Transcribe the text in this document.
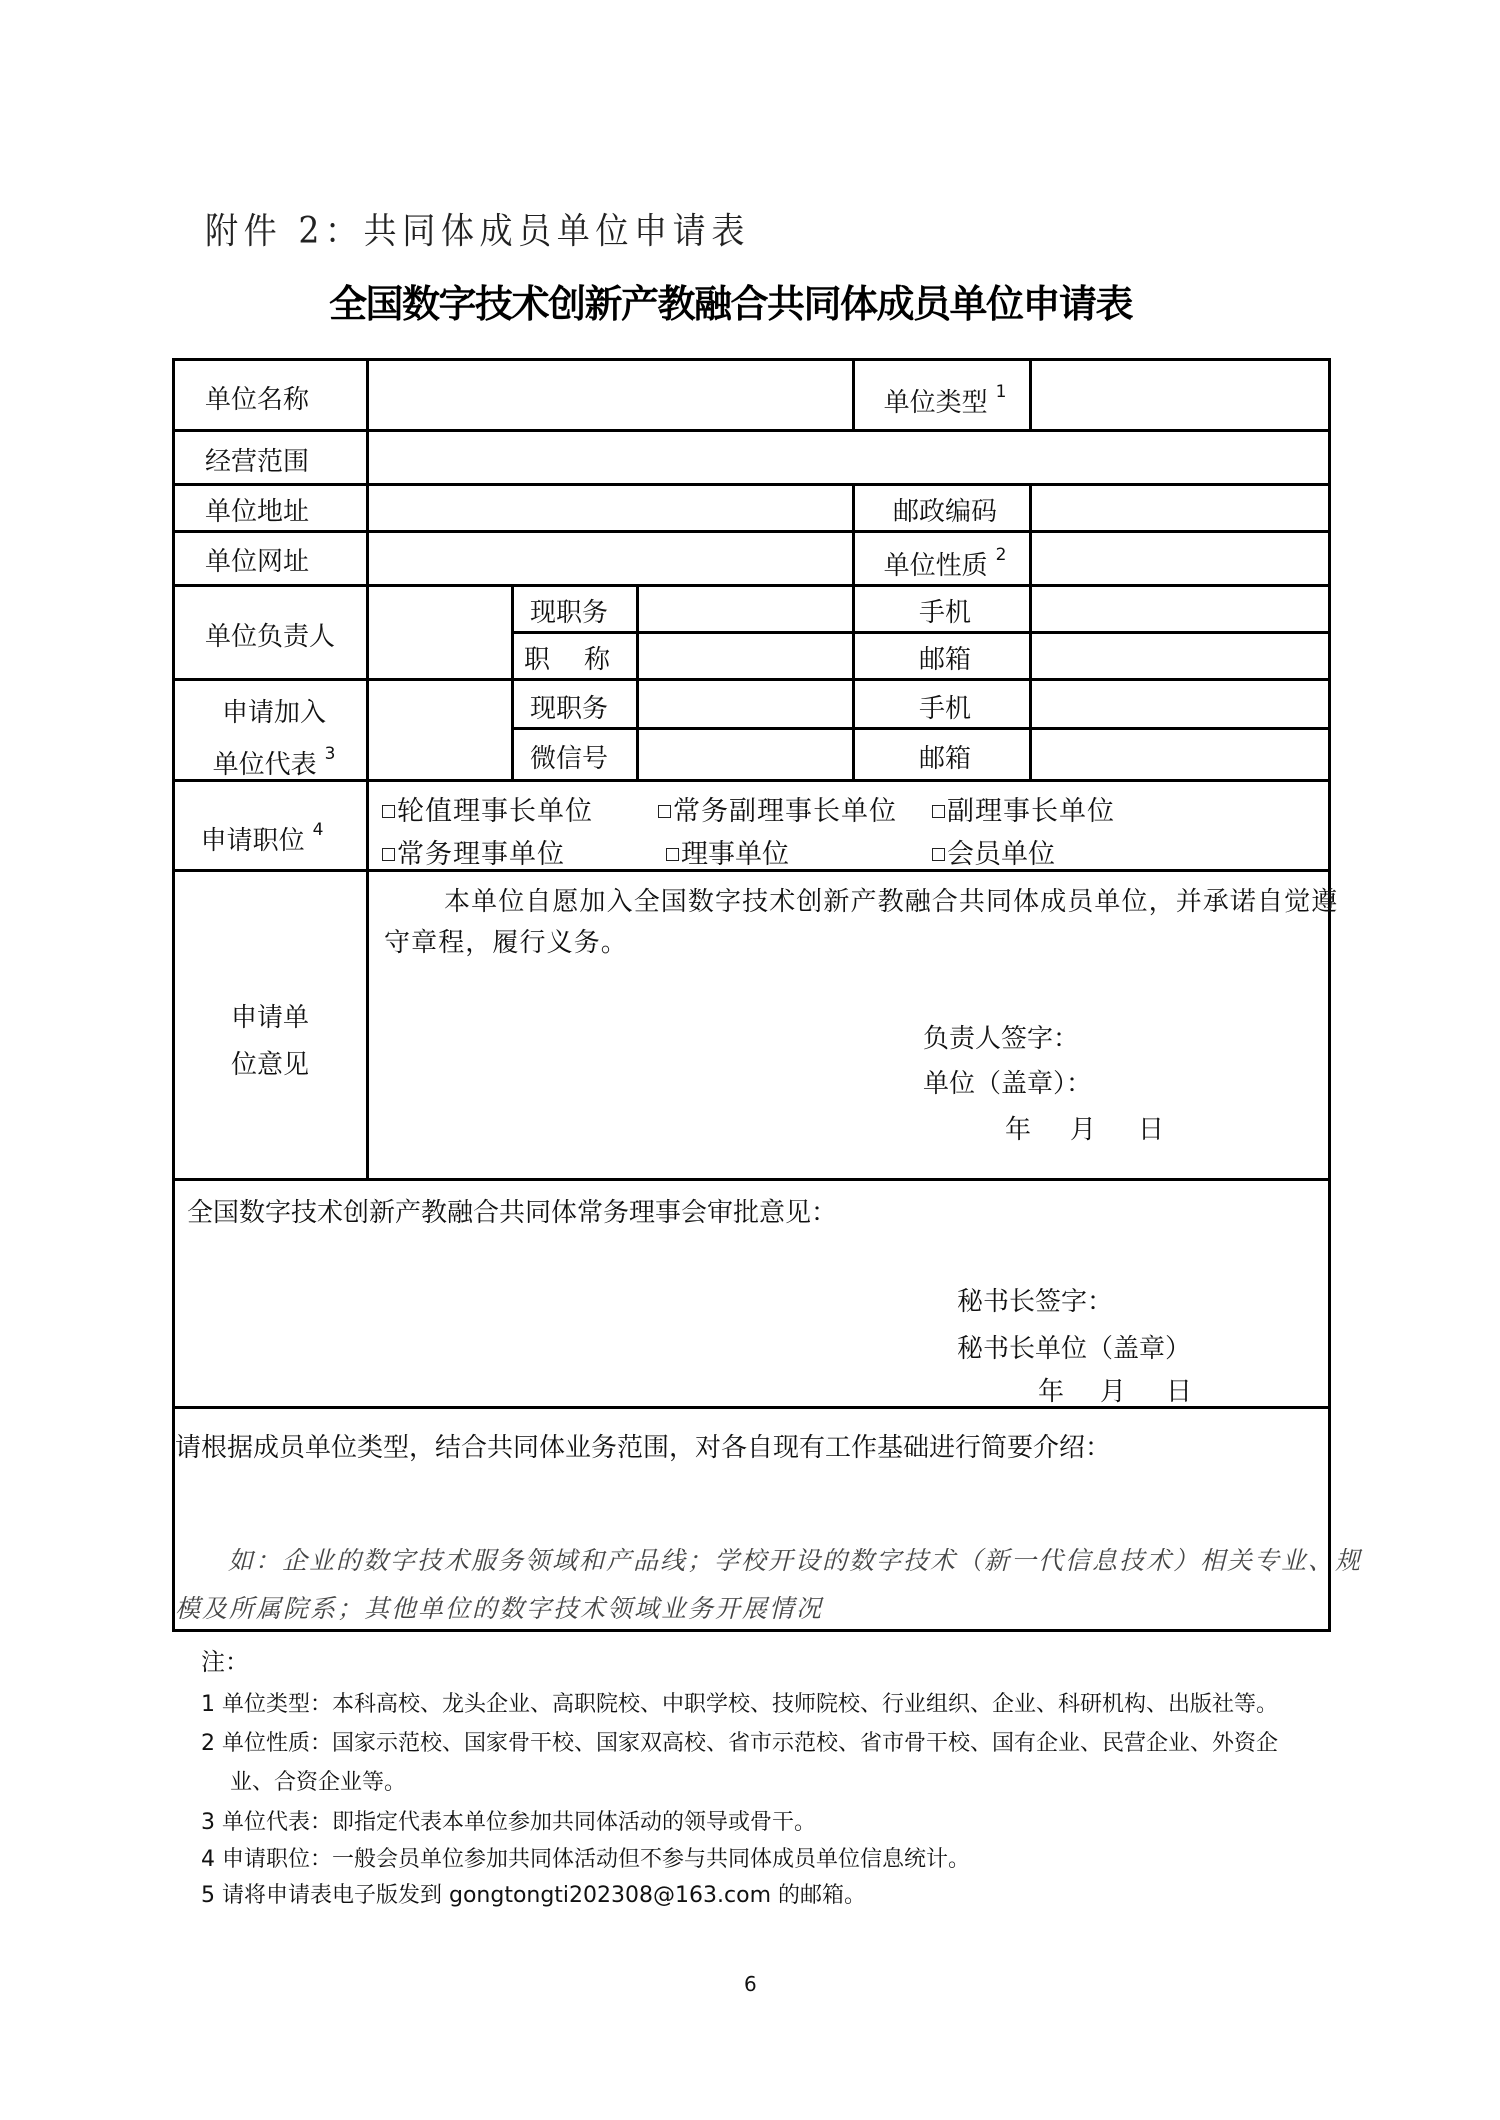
附件 2：共同体成员单位申请表
全国数字技术创新产教融合共同体成员单位申请表
单位名称	单位类型 $^1$
经营范围
单位地址	邮政编码
单位网址	单位性质 $^2$
单位负责人
现职务	手机
职　称	邮箱
申请加入
单位代表 $^3$
现职务	手机
微信号	邮箱
申请职位 $^4$
轮值理事长单位	常务副理事长单位	副理事长单位
常务理事单位	理事单位	会员单位
申请单
位意见
本单位自愿加入全国数字技术创新产教融合共同体成员单位，并承诺自觉遵
守章程，履行义务。
负责人签字：
单位（盖章）：
年 月 日
全国数字技术创新产教融合共同体常务理事会审批意见：
秘书长签字：
秘书长单位（盖章）
年 月 日
请根据成员单位类型，结合共同体业务范围，对各自现有工作基础进行简要介绍：
如：企业的数字技术服务领域和产品线；学校开设的数字技术（新一代信息技术）相关专业、规
模及所属院系；其他单位的数字技术领域业务开展情况
注：
1 单位类型：本科高校、龙头企业、高职院校、中职学校、技师院校、行业组织、企业、科研机构、出版社等。
2 单位性质：国家示范校、国家骨干校、国家双高校、省市示范校、省市骨干校、国有企业、民营企业、外资企
业、合资企业等。
3 单位代表：即指定代表本单位参加共同体活动的领导或骨干。
4 申请职位：一般会员单位参加共同体活动但不参与共同体成员单位信息统计。
5 请将申请表电子版发到 gongtongti202308@163.com 的邮箱。
6
